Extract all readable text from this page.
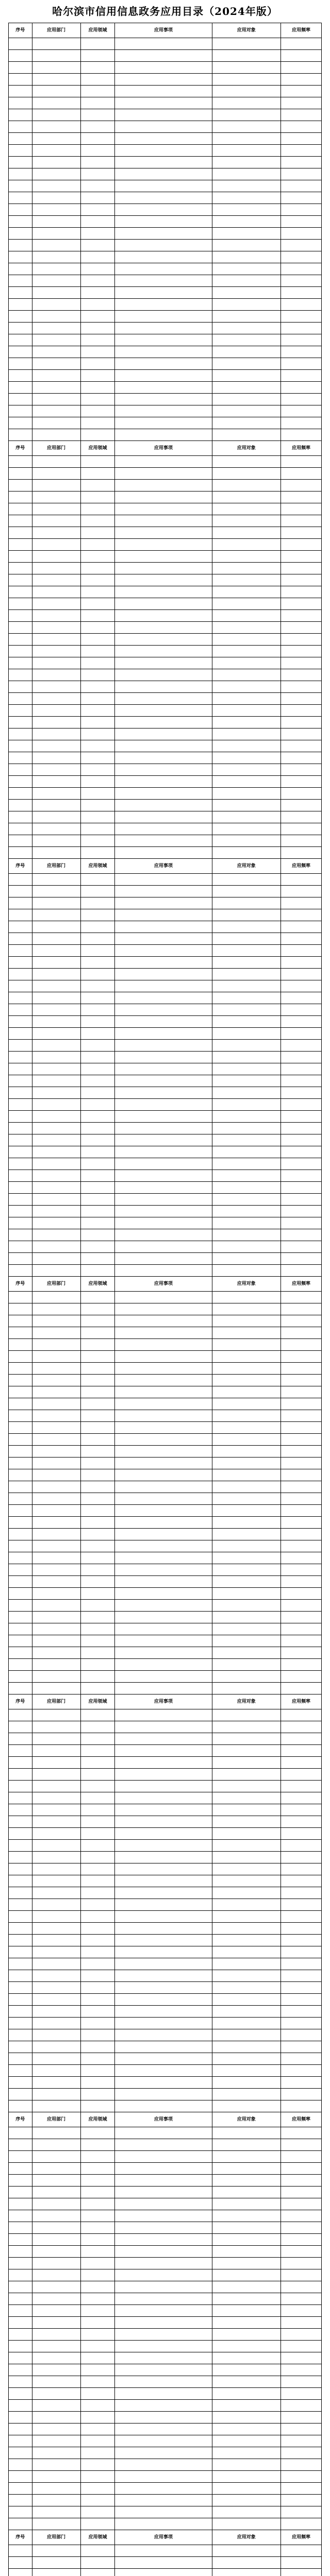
哈尔滨市信用信息政务应用目录（2024年版）
序号	应用部门	应用领域	应用事项	应用对象	应用频率

序号	应用部门	应用领域	应用事项	应用对象	应用频率

序号	应用部门	应用领域	应用事项	应用对象	应用频率

序号	应用部门	应用领域	应用事项	应用对象	应用频率

序号	应用部门	应用领域	应用事项	应用对象	应用频率

序号	应用部门	应用领域	应用事项	应用对象	应用频率

序号	应用部门	应用领域	应用事项	应用对象	应用频率
